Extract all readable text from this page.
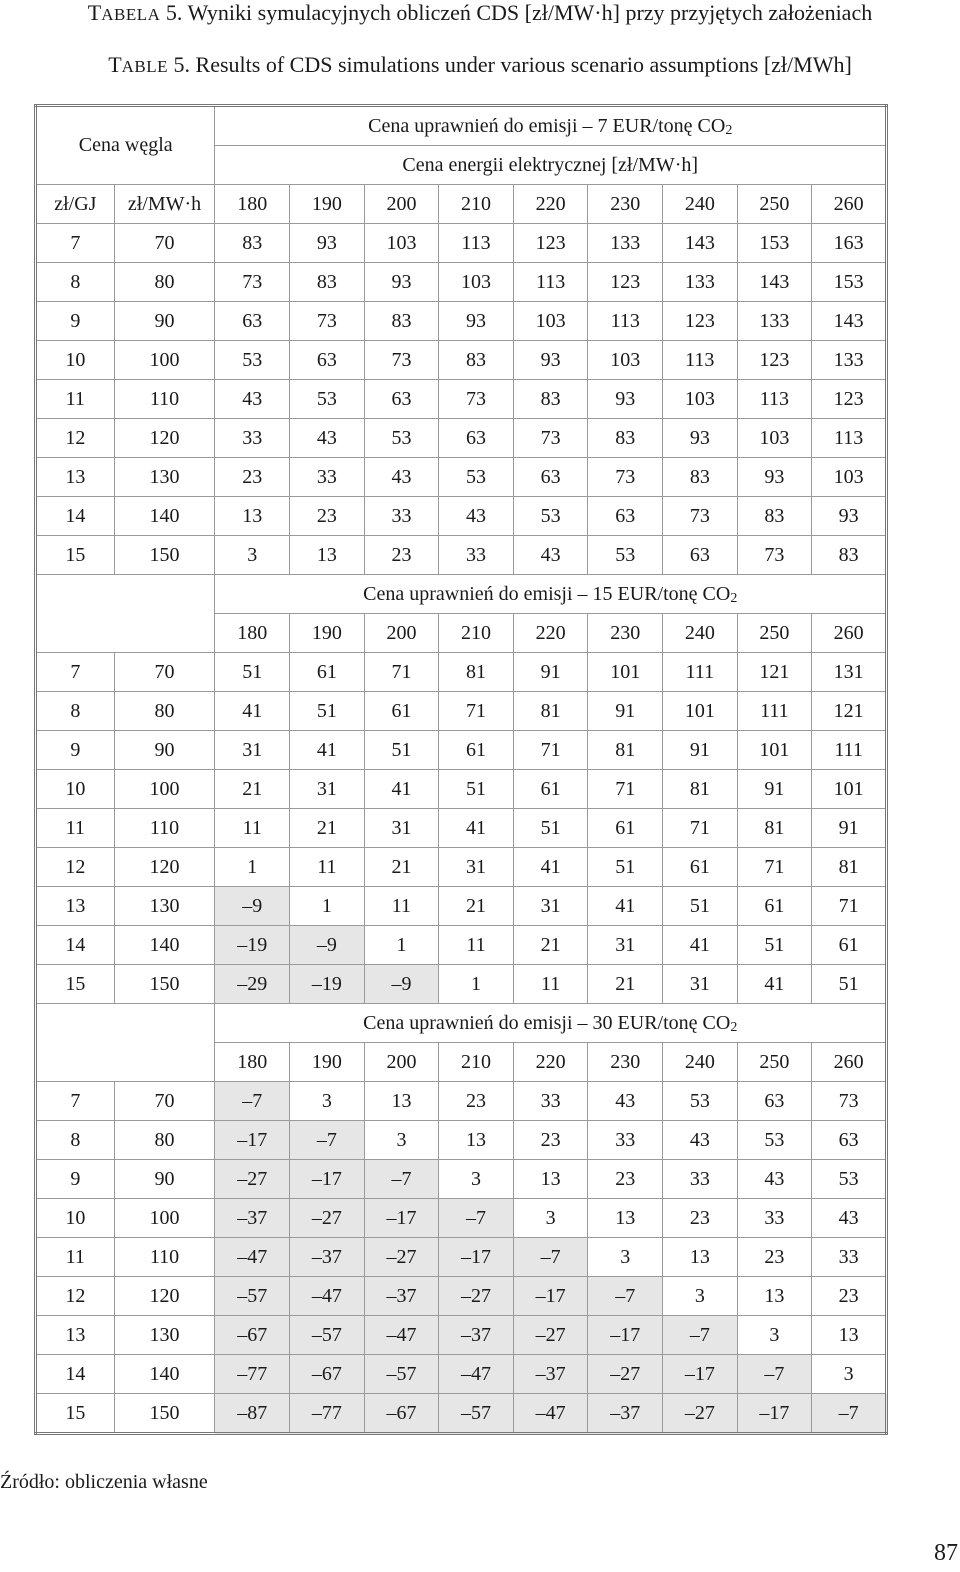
TABELA 5. Wyniki symulacyjnych obliczeń CDS [zł/MW·h] przy przyjętych założeniach
TABLE 5. Results of CDS simulations under various scenario assumptions [zł/MWh]
Cena węgla		Cena uprawnień do emisji – 7 EUR/tonę $CO_2$
		Cena energii elektrycznej [zł/MW·h]								
zł/GJ	zł/MW·h	180	190	200	210	220	230	240	250	260
7	70	83	93	103	113	123	133	143	153	163
8	80	73	83	93	103	113	123	133	143	153
9	90	63	73	83	93	103	113	123	133	143
10	100	53	63	73	83	93	103	113	123	133
11	110	43	53	63	73	83	93	103	113	123
12	120	33	43	53	63	73	83	93	103	113
13	130	23	33	43	53	63	73	83	93	103
14	140	13	23	33	43	53	63	73	83	93
15	150	3	13	23	33	43	53	63	73	83
		Cena uprawnień do emisji – 15 EUR/tonę $CO_2$
		180	190	200	210	220	230	240	250	260
7	70	51	61	71	81	91	101	111	121	131
8	80	41	51	61	71	81	91	101	111	121
9	90	31	41	51	61	71	81	91	101	111
10	100	21	31	41	51	61	71	81	91	101
11	110	11	21	31	41	51	61	71	81	91
12	120	1	11	21	31	41	51	61	71	81
13	130	–9	1	11	21	31	41	51	61	71
14	140	–19	–9	1	11	21	31	41	51	61
15	150	–29	–19	–9	1	11	21	31	41	51
		Cena uprawnień do emisji – 30 EUR/tonę $CO_2$
		180	190	200	210	220	230	240	250	260
7	70	–7	3	13	23	33	43	53	63	73
8	80	–17	–7	3	13	23	33	43	53	63
9	90	–27	–17	–7	3	13	23	33	43	53
10	100	–37	–27	–17	–7	3	13	23	33	43
11	110	–47	–37	–27	–17	–7	3	13	23	33
12	120	–57	–47	–37	–27	–17	–7	3	13	23
13	130	–67	–57	–47	–37	–27	–17	–7	3	13
14	140	–77	–67	–57	–47	–37	–27	–17	–7	3
15	150	–87	–77	–67	–57	–47	–37	–27	–17	–7
Źródło: obliczenia własne
87
